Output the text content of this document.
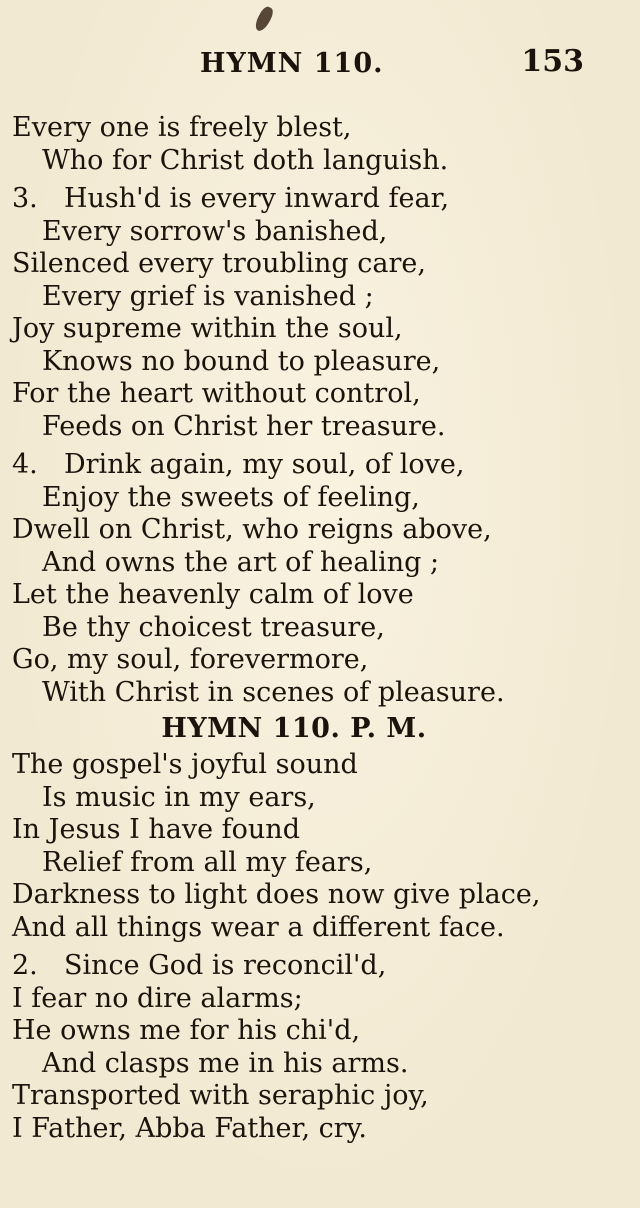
HYMN 110.	153
Every one is freely blest,
Who for Christ doth languish.
3. Hush'd is every inward fear,
Every sorrow's banished,
Silenced every troubling care,
Every grief is vanished ;
Joy supreme within the soul,
Knows no bound to pleasure,
For the heart without control,
Feeds on Christ her treasure.
4. Drink again, my soul, of love,
Enjoy the sweets of feeling,
Dwell on Christ, who reigns above,
And owns the art of healing ;
Let the heavenly calm of love
Be thy choicest treasure,
Go, my soul, forevermore,
With Christ in scenes of pleasure.
HYMN 110. P. M.
The gospel's joyful sound
Is music in my ears,
In Jesus I have found
Relief from all my fears,
Darkness to light does now give place,
And all things wear a different face.
2. Since God is reconcil'd,
I fear no dire alarms;
He owns me for his chi'd,
And clasps me in his arms.
Transported with seraphic joy,
I Father, Abba Father, cry.
